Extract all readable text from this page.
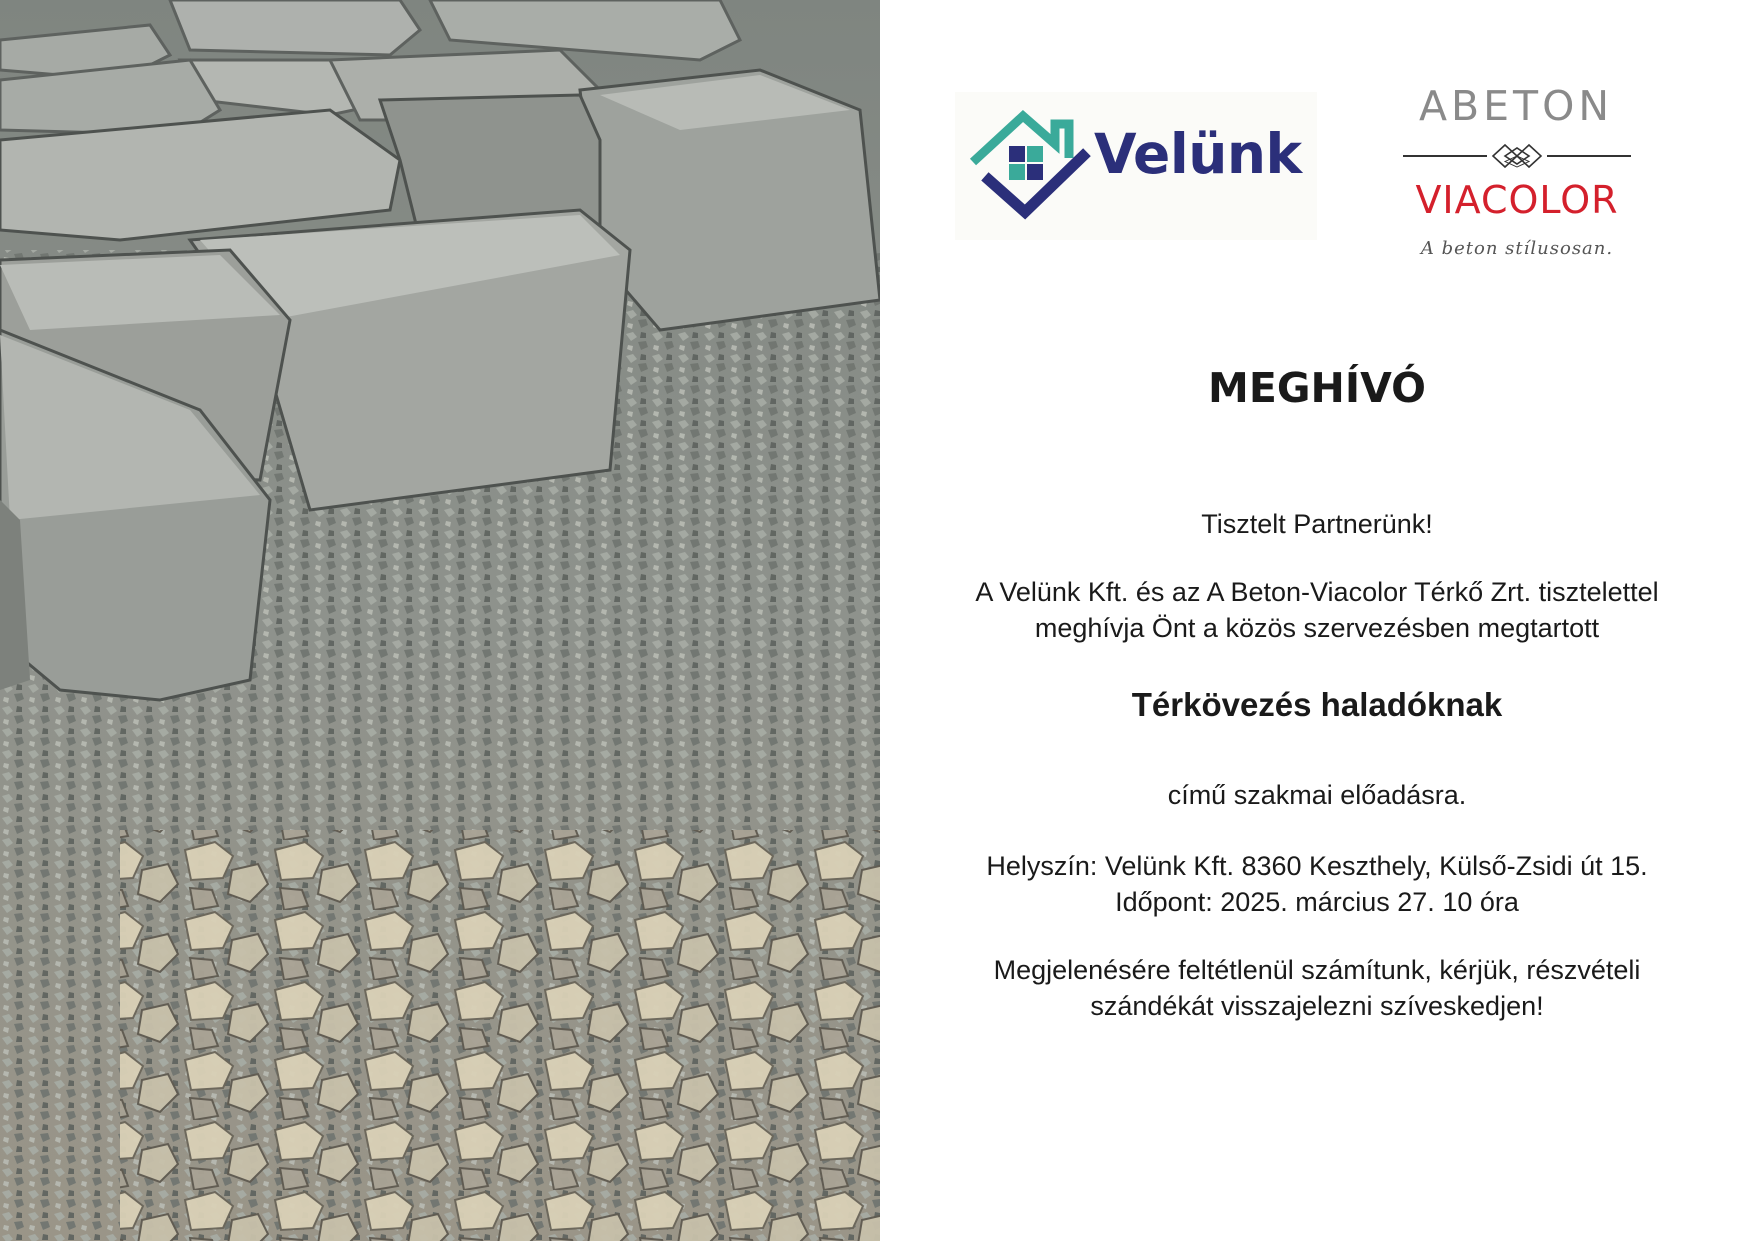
Velünk
ABETON
VIACOLOR
A beton stílusosan.
MEGHÍVÓ
Tisztelt Partnerünk!
A Velünk Kft. és az A Beton-Viacolor Térkő Zrt. tisztelettel
meghívja Önt a közös szervezésben megtartott
Térkövezés haladóknak
című szakmai előadásra.
Helyszín: Velünk Kft. 8360 Keszthely, Külső-Zsidi út 15.
Időpont: 2025. március 27. 10 óra
Megjelenésére feltétlenül számítunk, kérjük, részvételi
szándékát visszajelezni szíveskedjen!
